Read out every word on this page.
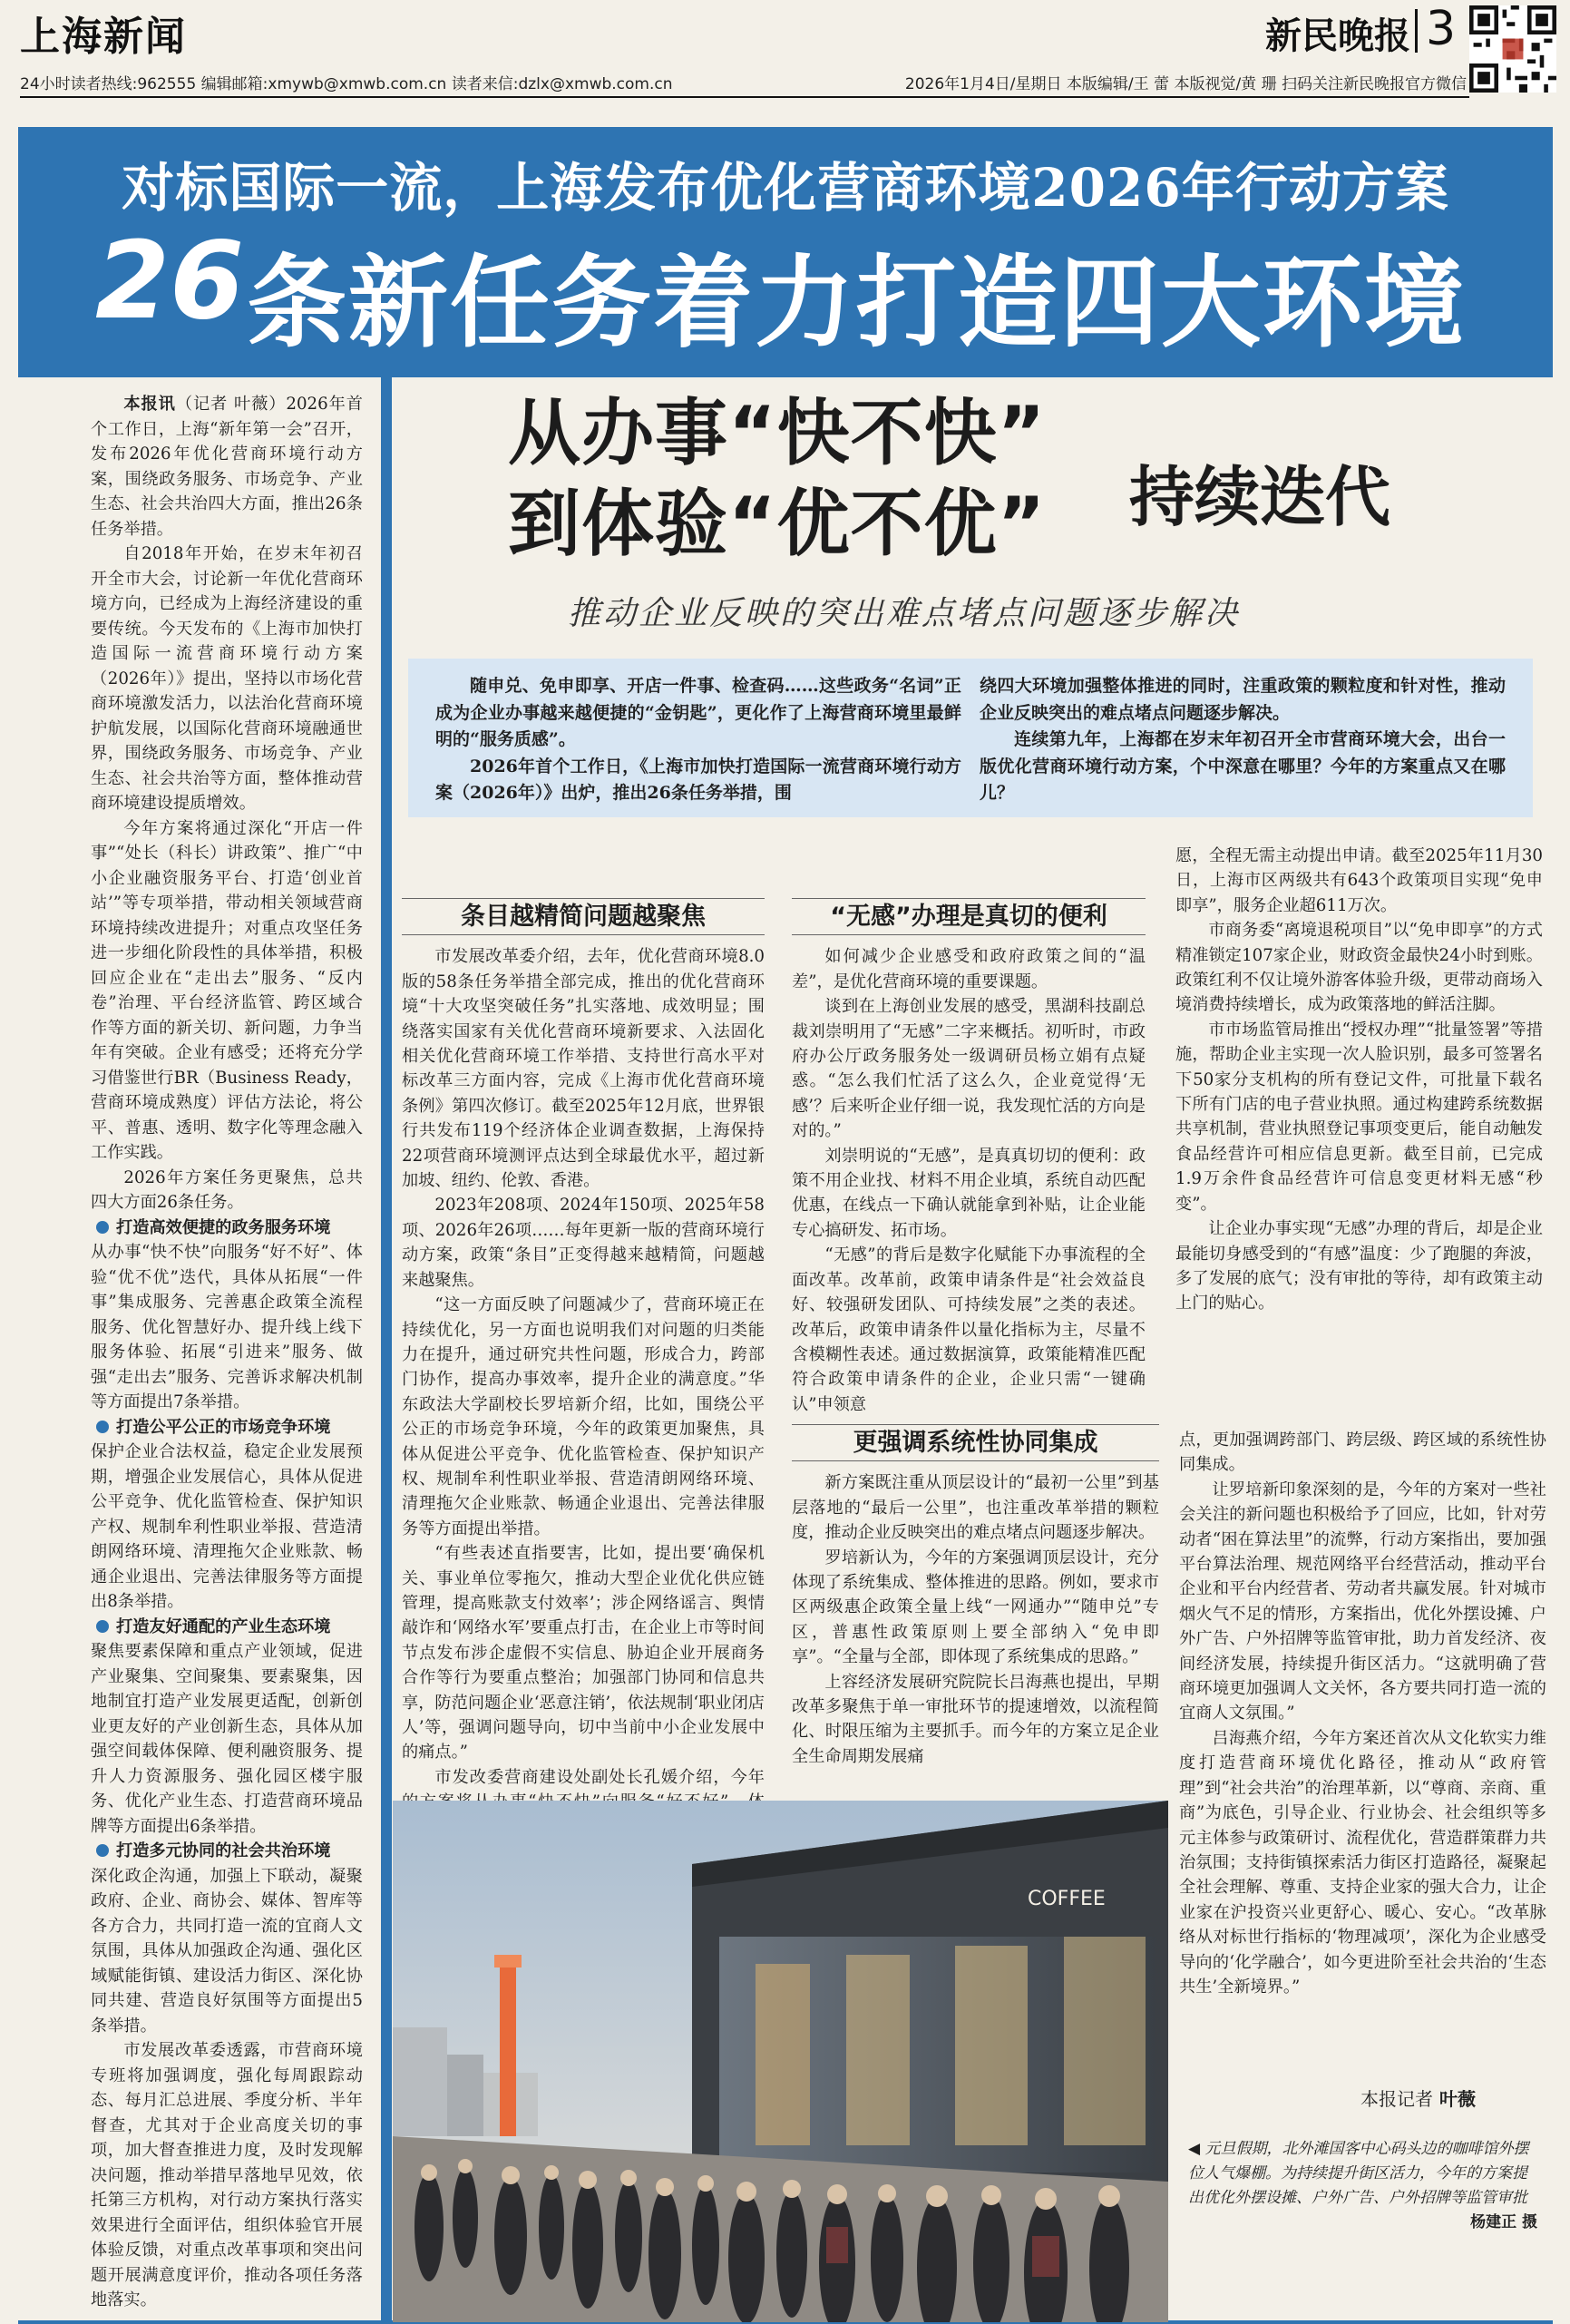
上海新闻	新民晚报 3
24小时读者热线:962555 编辑邮箱:xmywb@xmwb.com.cn 读者来信:dzlx@xmwb.com.cn	2026年1月4日/星期日 本版编辑/王 蕾 本版视觉/黄 珊 扫码关注新民晚报官方微信
对标国际一流，上海发布优化营商环境2026年行动方案
26 条新任务着力打造四大环境

本报讯（记者 叶薇）2026年首个工作日，上海“新年第一会”召开，发布2026年优化营商环境行动方案，围绕政务服务、市场竞争、产业生态、社会共治四大方面，推出26条任务举措。

自2018年开始，在岁末年初召开全市大会，讨论新一年优化营商环境方向，已经成为上海经济建设的重要传统。今天发布的《上海市加快打造国际一流营商环境行动方案（2026年）》提出，坚持以市场化营商环境激发活力，以法治化营商环境护航发展，以国际化营商环境融通世界，围绕政务服务、市场竞争、产业生态、社会共治等方面，整体推动营商环境建设提质增效。

今年方案将通过深化“开店一件事”“处长（科长）讲政策”、推广“中小企业融资服务平台、打造‘创业首站’”等专项举措，带动相关领域营商环境持续改进提升；对重点攻坚任务进一步细化阶段性的具体举措，积极回应企业在“走出去”服务、“反内卷”治理、平台经济监管、跨区域合作等方面的新关切、新问题，力争当年有突破。企业有感受；还将充分学习借鉴世行BR（Business Ready，营商环境成熟度）评估方法论，将公平、普惠、透明、数字化等理念融入工作实践。

2026年方案任务更聚焦，总共四大方面26条任务。

打造高效便捷的政务服务环境

从办事“快不快”向服务“好不好”、体验“优不优”迭代，具体从拓展“一件事”集成服务、完善惠企政策全流程服务、优化智慧好办、提升线上线下服务体验、拓展“引进来”服务、做强“走出去”服务、完善诉求解决机制等方面提出7条举措。

打造公平公正的市场竞争环境

保护企业合法权益，稳定企业发展预期，增强企业发展信心，具体从促进公平竞争、优化监管检查、保护知识产权、规制牟利性职业举报、营造清朗网络环境、清理拖欠企业账款、畅通企业退出、完善法律服务等方面提出8条举措。

打造友好通配的产业生态环境

聚焦要素保障和重点产业领域，促进产业聚集、空间聚集、要素聚集，因地制宜打造产业发展更适配，创新创业更友好的产业创新生态，具体从加强空间载体保障、便利融资服务、提升人力资源服务、强化园区楼宇服务、优化产业生态、打造营商环境品牌等方面提出6条举措。

打造多元协同的社会共治环境

深化政企沟通，加强上下联动，凝聚政府、企业、商协会、媒体、智库等各方合力，共同打造一流的宜商人文氛围，具体从加强政企沟通、强化区域赋能街镇、建设活力街区、深化协同共建、营造良好氛围等方面提出5条举措。

市发展改革委透露，市营商环境专班将加强调度，强化每周跟踪动态、每月汇总进展、季度分析、半年督查，尤其对于企业高度关切的事项，加大督查推进力度，及时发现解决问题，推动举措早落地早见效，依托第三方机构，对行动方案执行落实效果进行全面评估，组织体验官开展体验反馈，对重点改革事项和突出问题开展满意度评价，推动各项任务落地落实。

从办事“快不快”
到体验“优不优” 持续迭代
推动企业反映的突出难点堵点问题逐步解决

随申兑、免申即享、开店一件事、检查码……这些政务“名词”正成为企业办事越来越便捷的“金钥匙”，更化作了上海营商环境里最鲜明的“服务质感”。

2026年首个工作日，《上海市加快打造国际一流营商环境行动方案（2026年）》出炉，推出26条任务举措，围

绕四大环境加强整体推进的同时，注重政策的颗粒度和针对性，推动企业反映突出的难点堵点问题逐步解决。

连续第九年，上海都在岁末年初召开全市营商环境大会，出台一版优化营商环境行动方案，个中深意在哪里？今年的方案重点又在哪儿？

条目越精简问题越聚焦

市发展改革委介绍，去年，优化营商环境8.0版的58条任务举措全部完成，推出的优化营商环境“十大攻坚突破任务”扎实落地、成效明显；围绕落实国家有关优化营商环境新要求、入法固化相关优化营商环境工作举措、支持世行高水平对标改革三方面内容，完成《上海市优化营商环境条例》第四次修订。截至2025年12月底，世界银行共发布119个经济体企业调查数据，上海保持22项营商环境测评点达到全球最优水平，超过新加坡、纽约、伦敦、香港。

2023年208项、2024年150项、2025年58项、2026年26项……每年更新一版的营商环境行动方案，政策“条目”正变得越来越精简，问题越来越聚焦。

“这一方面反映了问题减少了，营商环境正在持续优化，另一方面也说明我们对问题的归类能力在提升，通过研究共性问题，形成合力，跨部门协作，提高办事效率，提升企业的满意度。”华东政法大学副校长罗培新介绍，比如，围绕公平公正的市场竞争环境，今年的政策更加聚焦，具体从促进公平竞争、优化监管检查、保护知识产权、规制牟利性职业举报、营造清朗网络环境、清理拖欠企业账款、畅通企业退出、完善法律服务等方面提出举措。

“有些表述直指要害，比如，提出要‘确保机关、事业单位零拖欠，推动大型企业优化供应链管理，提高账款支付效率’；涉企网络谣言、舆情敲诈和‘网络水军’要重点打击，在企业上市等时间节点发布涉企虚假不实信息、胁迫企业开展商务合作等行为要重点整治；加强部门协同和信息共享，防范问题企业‘恶意注销’，依法规制‘职业闭店人’等，强调问题导向，切中当前中小企业发展中的痛点。”

市发改委营商建设处副处长孔媛介绍，今年

“无感”办理是真切的便利

如何减少企业感受和政府政策之间的“温差”，是优化营商环境的重要课题。

谈到在上海创业发展的感受，黑湖科技副总裁刘崇明用了“无感”二字来概括。初听时，市政府办公厅政务服务处一级调研员杨立娟有点疑惑。“怎么我们忙活了这么久，企业竟觉得‘无感’？后来听企业仔细一说，我发现忙活的方向是对的。”

刘崇明说的“无感”，是真真切切的便利：政策不用企业找、材料不用企业填，系统自动匹配优惠，在线点一下确认就能拿到补贴，让企业能专心搞研发、拓市场。

“无感”的背后是数字化赋能下办事流程的全面改革。改革前，政策申请条件是“社会效益良好、较强研发团队、可持续发展”之类的表述。改革后，政策申请条件以量化指标为主，尽量不含模糊性表述。通过数据演算，政策能精准匹配符合政策申请条件的企业，企业只需“一键确认”申领意

愿，全程无需主动提出申请。截至2025年11月30日，上海市区两级共有643个政策项目实现“免申即享”，服务企业超611万次。

市商务委“离境退税项目”以“免申即享”的方式精准锁定107家企业，财政资金最快24小时到账。政策红利不仅让境外游客体验升级，更带动商场入境消费持续增长，成为政策落地的鲜活注脚。

市市场监管局推出“授权办理”“批量签署”等措施，帮助企业主实现一次人脸识别，最多可签署名下50家分支机构的所有登记文件，可批量下载名下所有门店的电子营业执照。通过构建跨系统数据共享机制，营业执照登记事项变更后，能自动触发食品经营许可相应信息更新。截至目前，已完成1.9万余件食品经营许可信息变更材料无感“秒变”。

让企业办事实现“无感”办理的背后，却是企业最能切身感受到的“有感”温度：少了跑腿的奔波，多了发展的底气；没有审批的等待，却有政策主动上门的贴心。

更强调系统性协同集成

新方案既注重从顶层设计的“最初一公里”到基层落地的“最后一公里”，也注重改革举措的颗粒度，推动企业反映突出的难点堵点问题逐步解决。

罗培新认为，今年的方案强调顶层设计，充分体现了系统集成、整体推进的思路。例如，要求市区两级惠企政策全量上线“一网通办”“随申兑”专区，普惠性政策原则上要全部纳入“免申即享”。“全量与全部，即体现了系统集成的思路。”

上容经济发展研究院院长吕海燕也提出，早期改革多聚焦于单一审批环节的提速增效，以流程简化、时限压缩为主要抓手。而今年的方案立足企业全生命周期发展痛

点，更加强调跨部门、跨层级、跨区域的系统性协同集成。

让罗培新印象深刻的是，今年的方案对一些社会关注的新问题也积极给予了回应，比如，针对劳动者“困在算法里”的流弊，行动方案指出，要加强平台算法治理、规范网络平台经营活动，推动平台企业和平台内经营者、劳动者共赢发展。针对城市烟火气不足的情形，方案指出，优化外摆设摊、户外广告、户外招牌等监管审批，助力首发经济、夜间经济发展，持续提升街区活力。“这就明确了营商环境更加强调人文关怀，各方要共同打造一流的宜商人文氛围。”

吕海燕介绍，今年方案还首次从文化软实力维度打造营商环境优化路径，推动从“政府管理”到“社会共治”的治理革新，以“尊商、亲商、重商”为底色，引导企业、行业协会、社会组织等多元主体参与政策研讨、流程优化，营造群策群力共治氛围；支持街镇探索活力街区打造路径，凝聚起全社会理解、尊重、支持企业家的强大合力，让企业家在沪投资兴业更舒心、暖心、安心。“改革脉络从对标世行指标的‘物理减项’，深化为企业感受导向的‘化学融合’，如今更进阶至社会共治的‘生态共生’全新境界。”

本报记者 叶薇
COFFEE
◀ 元旦假期，北外滩国客中心码头边的咖啡馆外摆位人气爆棚。为持续提升街区活力，今年的方案提出优化外摆设摊、户外广告、户外招牌等监管审批
杨建正 摄
